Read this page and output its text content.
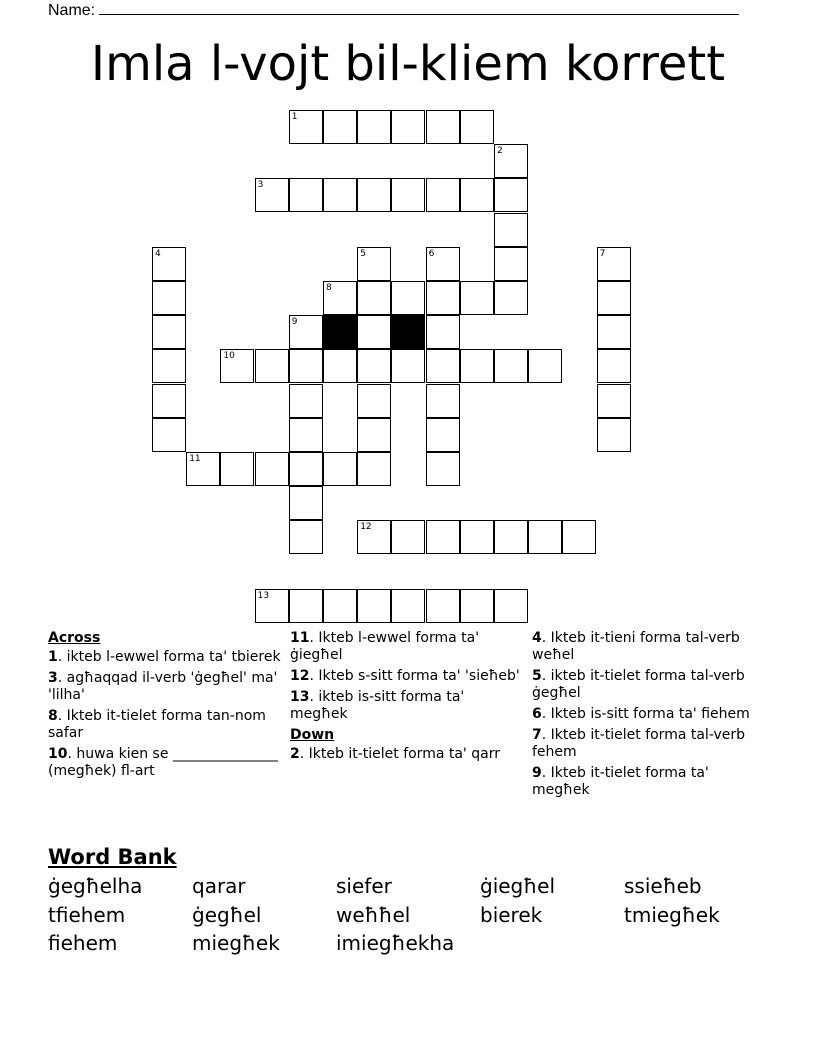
Name:
Imla l-vojt bil-kliem korrett
1
2
3
4	5	6	7
8
9
10
11
12
13
Across
1. ikteb l-ewwel forma ta' tbierek
3. agħaqqad il-verb 'ġegħel' ma' 'lilha'
8. Ikteb it-tielet forma tan-nom safar
10. huwa kien se _______________ (megħek) fl-art
11. Ikteb l-ewwel forma ta' ġiegħel
12. Ikteb s-sitt forma ta' 'sieħeb'
13. ikteb is-sitt forma ta' megħek
Down
2. Ikteb it-tielet forma ta' qarr
4. Ikteb it-tieni forma tal-verb weħel
5. ikteb it-tielet forma tal-verb ġegħel
6. Ikteb is-sitt forma ta' fiehem
7. Ikteb it-tielet forma tal-verb fehem
9. Ikteb it-tielet forma ta' megħek
Word Bank
ġegħelha qarar	siefer	ġiegħel	ssieħeb
tfiehem	ġegħel	weħħel	bierek	tmiegħek
fiehem	miegħek	imiegħekha
